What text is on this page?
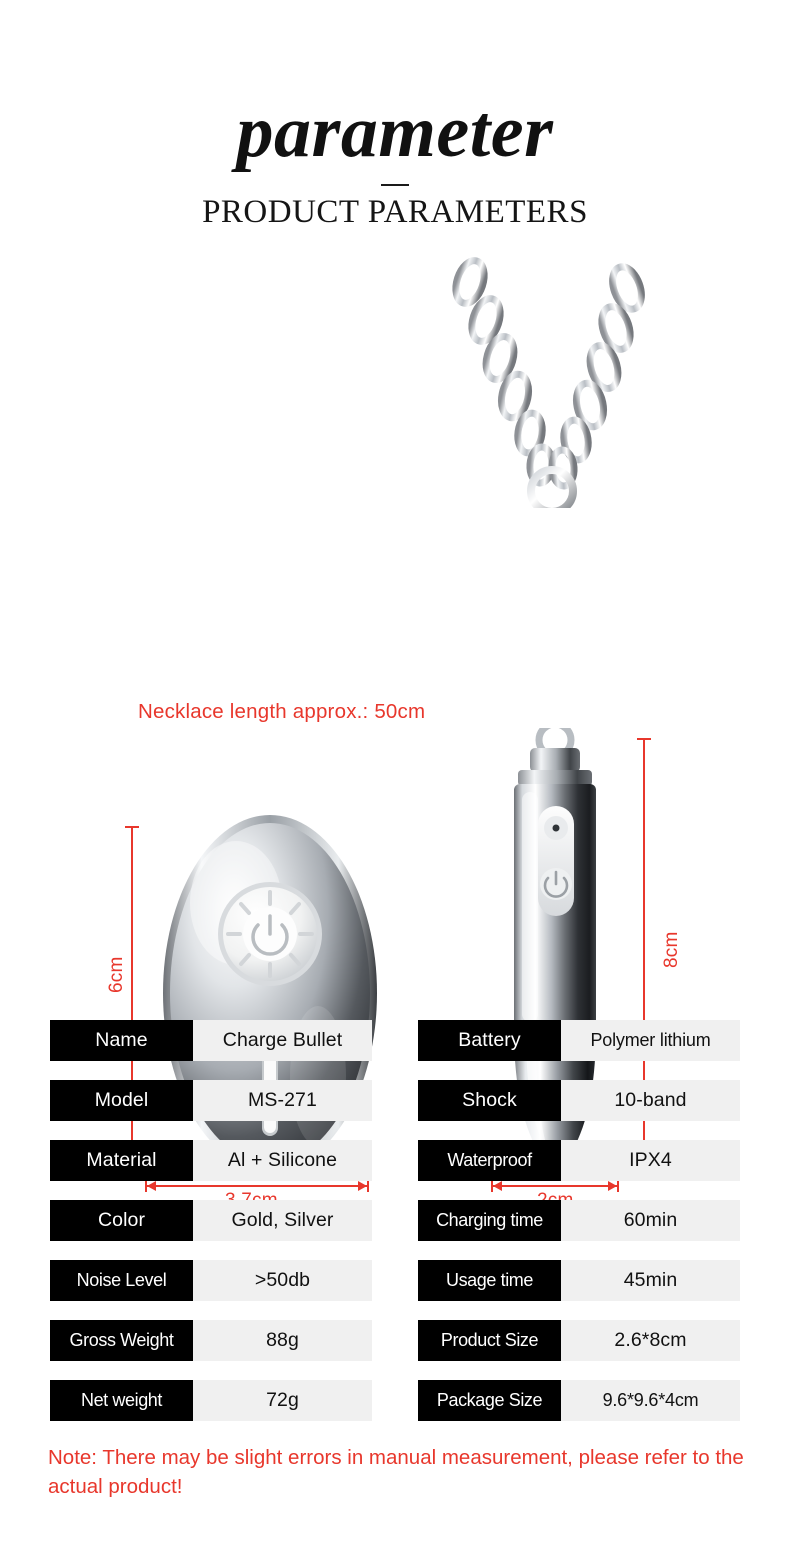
parameter
PRODUCT PARAMETERS
Necklace length approx.: 50cm
6cm
8cm
Name	Charge Bullet
Model	MS-271
Material	Al + Silicone
Color	Gold, Silver
Noise Level	>50db
Gross Weight	88g
Net weight	72g
Battery	Polymer lithium
Shock	10-band
Waterproof	IPX4
Charging time	60min
Usage time	45min
Product Size	2.6*8cm
Package Size	9.6*9.6*4cm
Note: There may be slight errors in manual measurement, please refer to the actual product!
